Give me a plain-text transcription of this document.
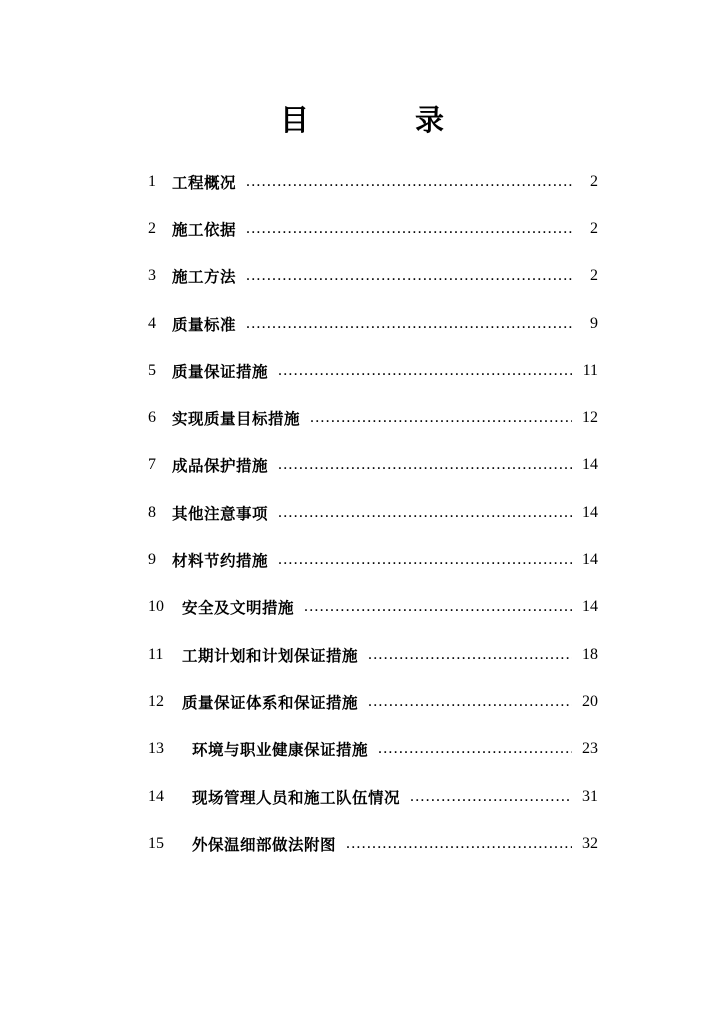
目 录
1	工程概况 .....	2
2	施工依据 .....	2
3	施工方法 .....	2
4	质量标准 .....	9
5	质量保证措施 .....	11
6	实现质量目标措施 .....	12
7	成品保护措施 .....	14
8	其他注意事项 .....	14
9	材料节约措施 .....	14
10	安全及文明措施 .....	14
11	工期计划和计划保证措施 .....	18
12	质量保证体系和保证措施 .....	20
13	环境与职业健康保证措施 .....	23
14	现场管理人员和施工队伍情况 .....	31
15	外保温细部做法附图 .....	32
